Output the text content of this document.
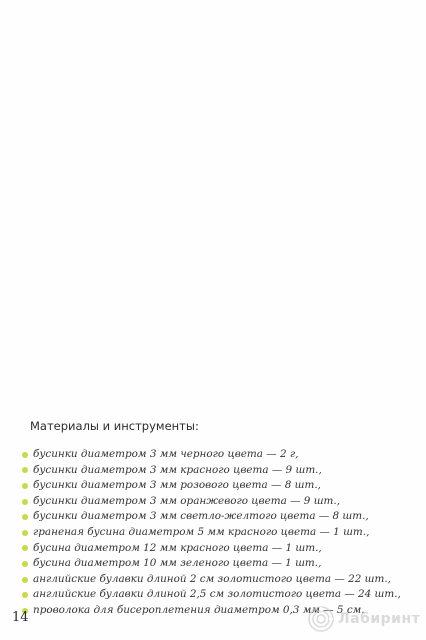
Материалы и инструменты:
бусинки диаметром 3 мм черного цвета — 2 г,
бусинки диаметром 3 мм красного цвета — 9 шт.,
бусинки диаметром 3 мм розового цвета — 8 шт.,
бусинки диаметром 3 мм оранжевого цвета — 9 шт.,
бусинки диаметром 3 мм светло-желтого цвета — 8 шт.,
граненая бусина диаметром 5 мм красного цвета — 1 шт.,
бусина диаметром 12 мм красного цвета — 1 шт.,
бусина диаметром 10 мм зеленого цвета — 1 шт.,
английские булавки длиной 2 см золотистого цвета — 22 шт.,
английские булавки длиной 2,5 см золотистого цвета — 24 шт.,
проволока для бисероплетения диаметром 0,3 мм — 5 см.
14	Лабиринт
